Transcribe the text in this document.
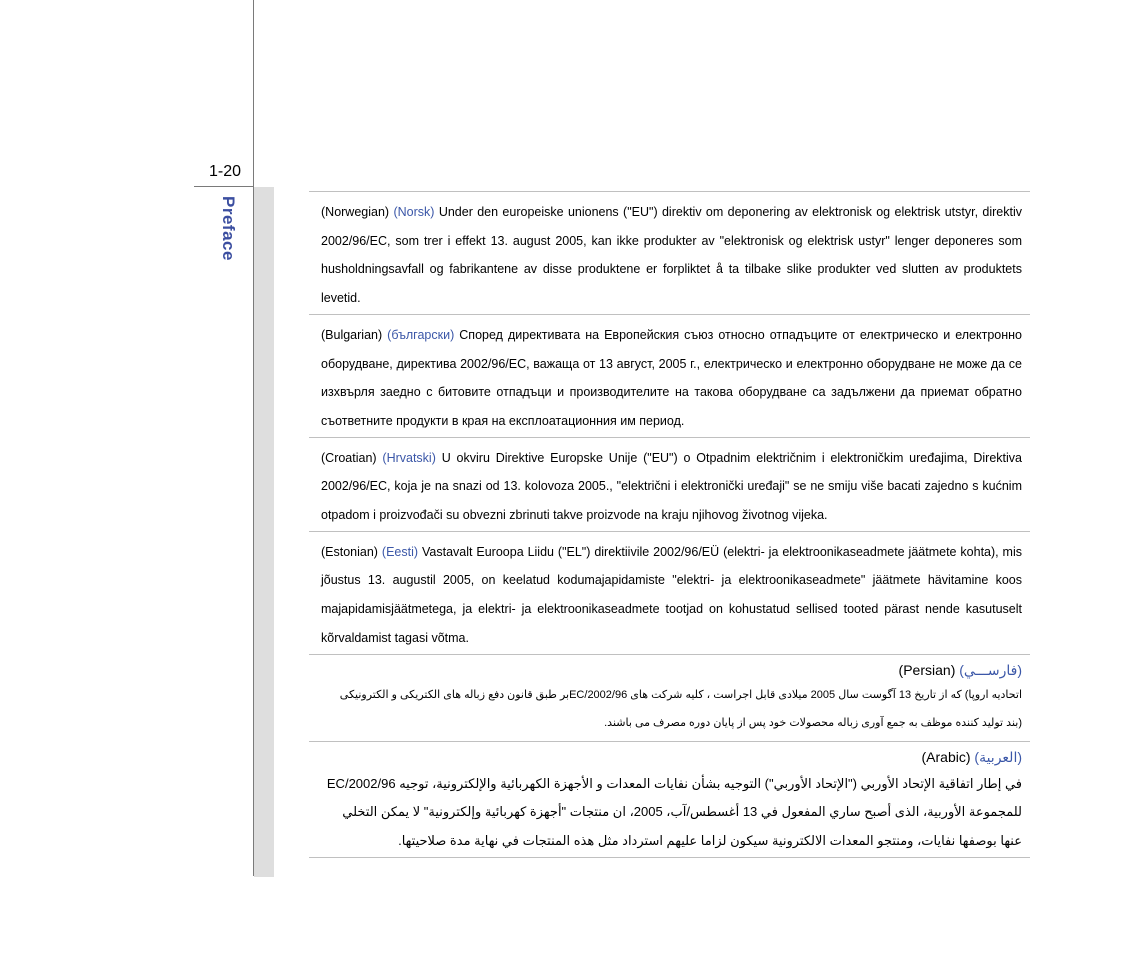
1-20
Preface	(Norwegian) (Norsk) Under den europeiske unionens ("EU") direktiv om deponering av elektronisk og elektrisk utstyr, direktiv 2002/96/EC, som trer i effekt 13. august 2005, kan ikke produkter av "elektronisk og elektrisk ustyr" lenger deponeres som husholdningsavfall og fabrikantene av disse produktene er forpliktet å ta tilbake slike produkter ved slutten av produktets levetid.

(Bulgarian) (български) Според директивата на Европейския съюз относно отпадъците от електрическо и електронно оборудване, директива 2002/96/EC, важаща от 13 август, 2005 г., електрическо и електронно оборудване не може да се изхвърля заедно с битовите отпадъци и производителите на такова оборудване са задължени да приемат обратно съответните продукти в края на експлоатационния им период.

(Croatian) (Hrvatski) U okviru Direktive Europske Unije ("EU") o Otpadnim električnim i elektroničkim uređajima, Direktiva 2002/96/EC, koja je na snazi od 13. kolovoza 2005., "električni i elektronički uređaji" se ne smiju više bacati zajedno s kućnim otpadom i proizvođači su obvezni zbrinuti takve proizvode na kraju njihovog životnog vijeka.

(Estonian) (Eesti) Vastavalt Euroopa Liidu ("EL") direktiivile 2002/96/EÜ (elektri- ja elektroonikaseadmete jäätmete kohta), mis jõustus 13. augustil 2005, on keelatud kodumajapidamiste "elektri- ja elektroonikaseadmete" jäätmete hävitamine koos majapidamisjäätmetega, ja elektri- ja elektroonikaseadmete tootjad on kohustatud sellised tooted pärast nende kasutuselt kõrvaldamist tagasi võtma.

(فارســـي) (Persian)

اتحادیه اروپا) که از تاریخ 13 آگوست سال 2005 میلادی قابل اجراست ، کلیه شرکت های 2002/96/ECبر طبق قانون دفع زباله های الکتریکی و الکترونیکی (بند تولید کننده موظف به جمع آوری زباله محصولات خود پس از پایان دوره مصرف می باشند.

(العربية) (Arabic)

في إطار اتفاقية الإتحاد الأوربي ("الإتحاد الأوربي") التوجيه بشأن نفايات المعدات و الأجهزة الكهربائية والإلكترونية، توجيه 2002/96/EC للمجموعة الأوربية، الذى أصبح ساري المفعول في 13 أغسطس/آب، 2005، ان منتجات "أجهزة كهربائية وإلكترونية" لا يمكن التخلي عنها بوصفها نفايات، ومنتجو المعدات الالكترونية سيكون لزاما عليهم استرداد مثل هذه المنتجات في نهاية مدة صلاحيتها.
